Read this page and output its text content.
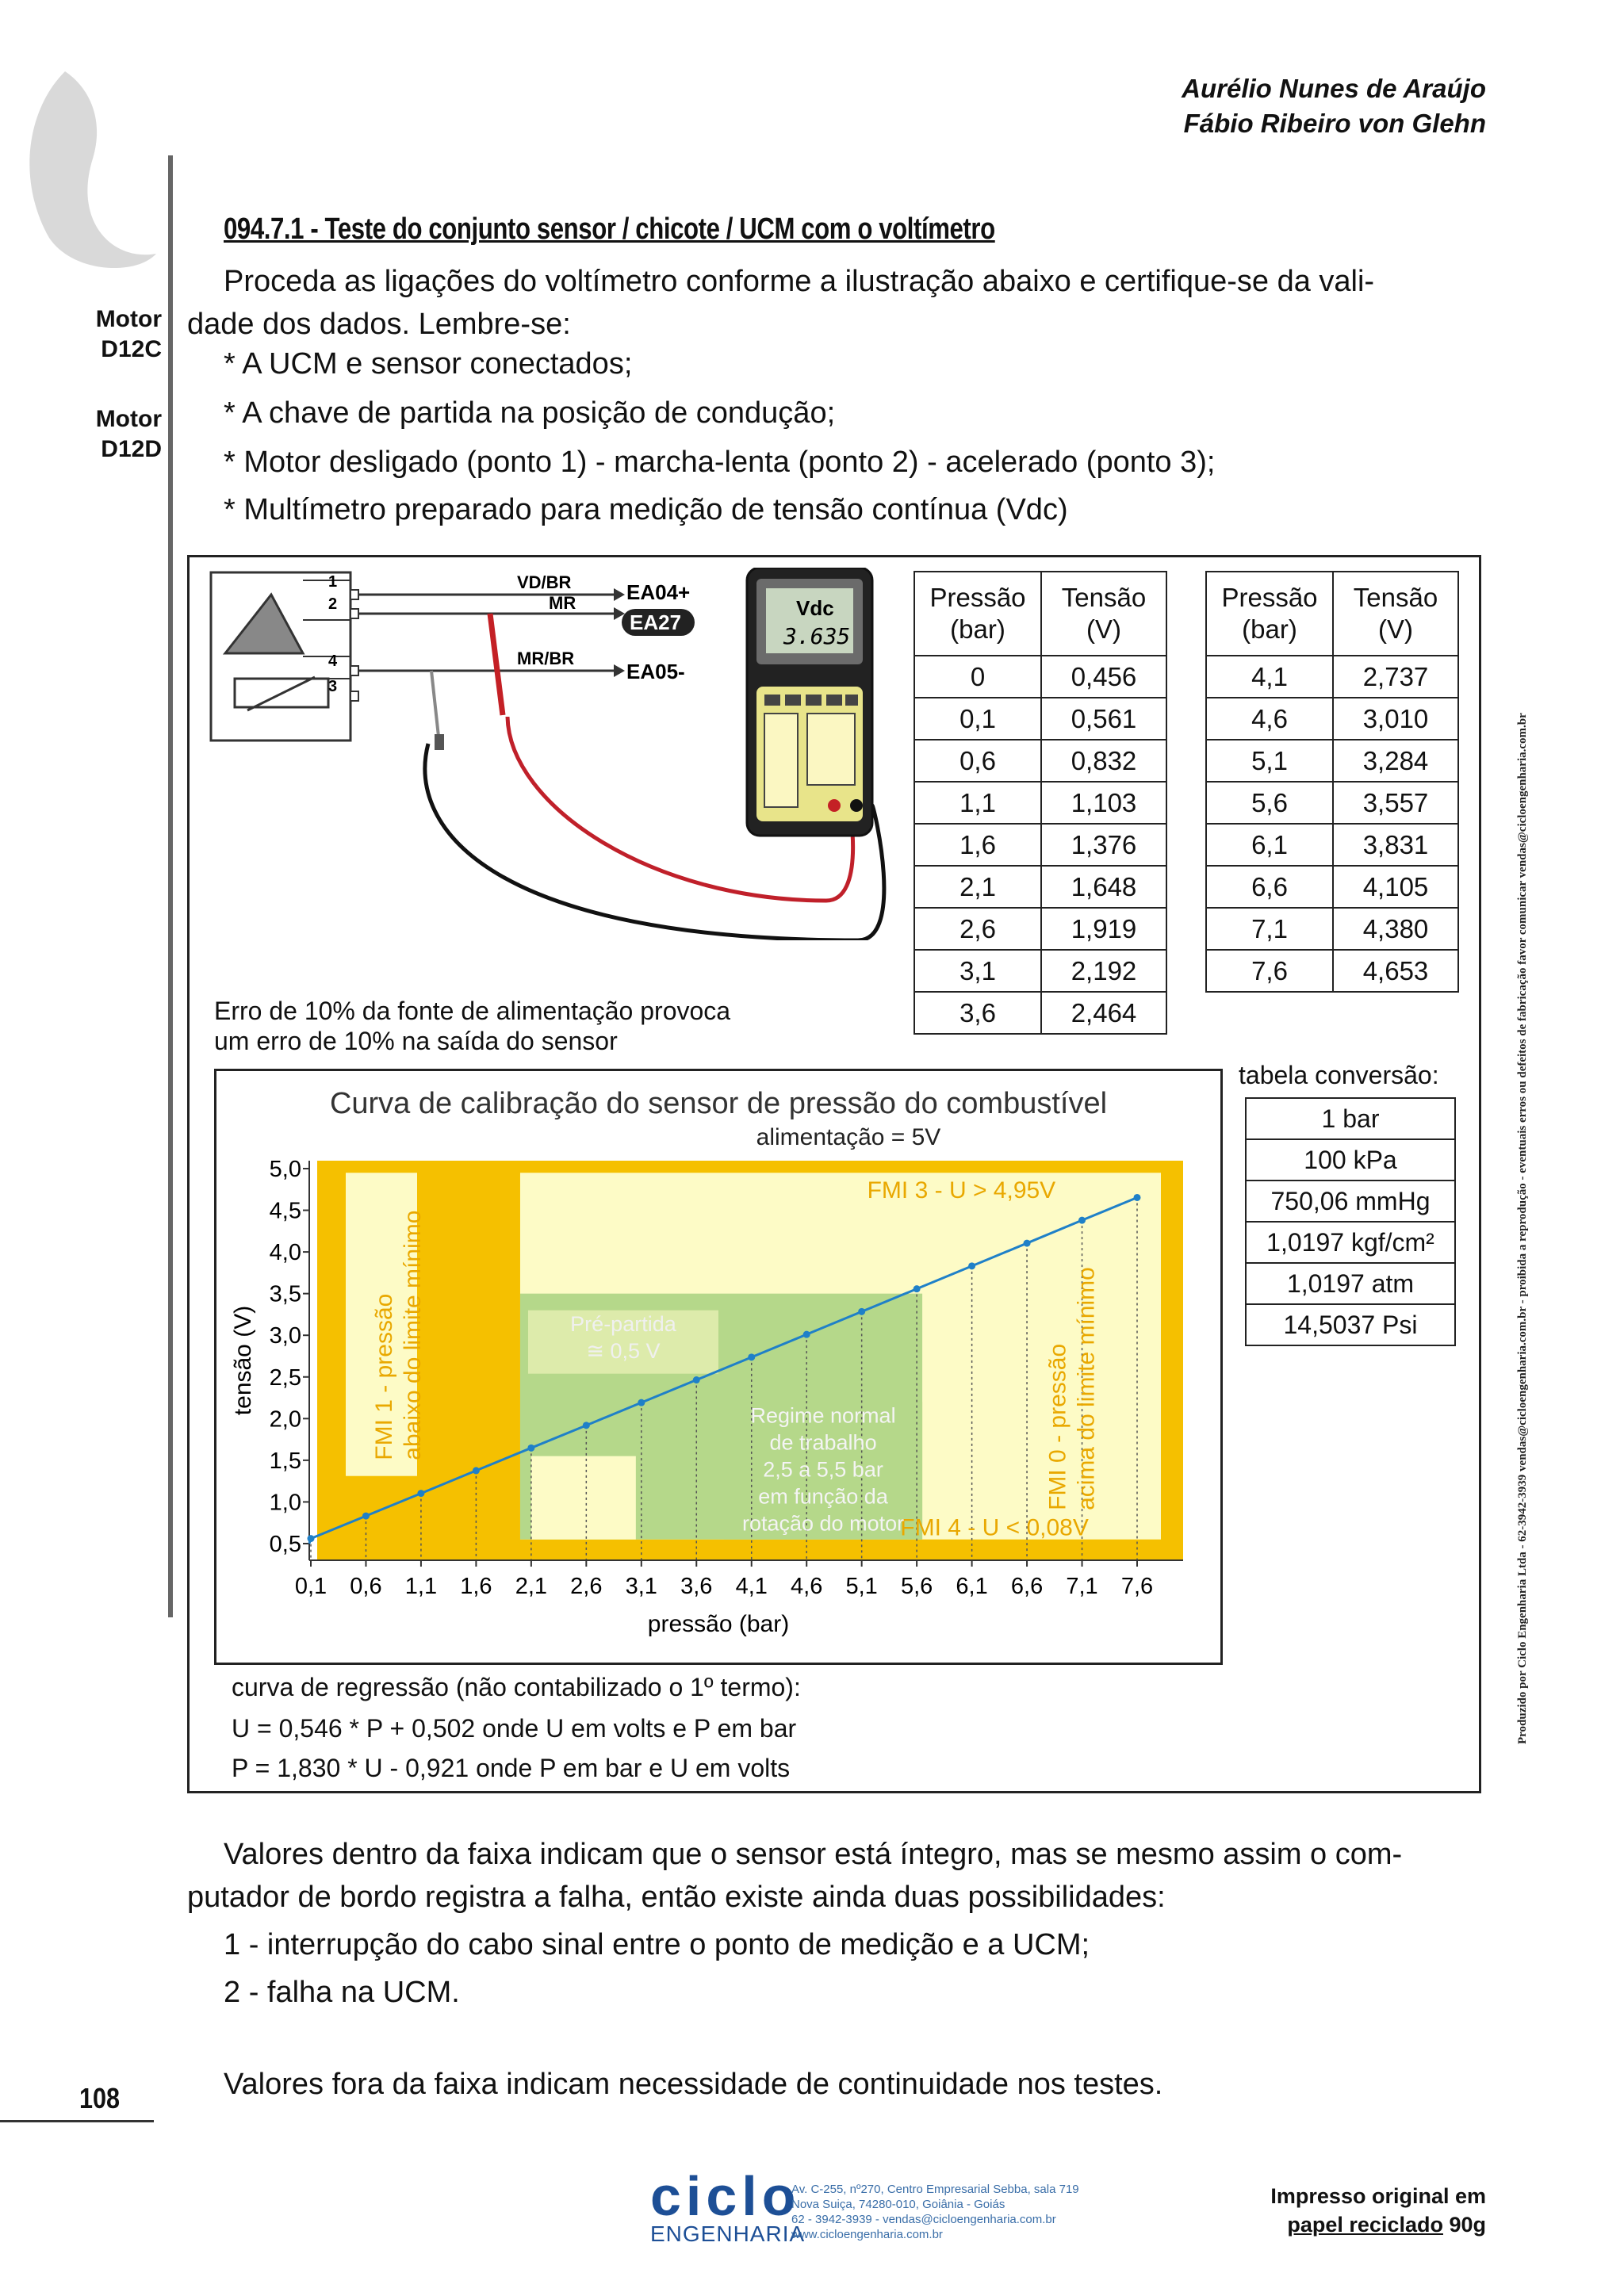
Aurélio Nunes de Araújo
Fábio Ribeiro von Glehn
Motor
D12C
Motor
D12D
094.7.1 - Teste do conjunto sensor / chicote / UCM com o voltímetro
Proceda as ligações do voltímetro conforme a ilustração abaixo e certifique-se da vali-
dade dos dados. Lembre-se:
* A UCM e sensor conectados;
* A chave de partida na posição de condução;
* Motor desligado (ponto 1) - marcha-lenta (ponto 2) - acelerado (ponto 3);
* Multímetro preparado para medição de tensão contínua (Vdc)
1
2
4
3
VD/BR
MR
MR/BR
EA04+
EA27
EA05-
Vdc
3.635
Pressão (bar)	Tensão (V)
0	0,456
0,1	0,561
0,6	0,832
1,1	1,103
1,6	1,376
2,1	1,648
2,6	1,919
3,1	2,192
3,6	2,464
Pressão (bar)	Tensão (V)
4,1	2,737
4,6	3,010
5,1	3,284
5,6	3,557
6,1	3,831
6,6	4,105
7,1	4,380
7,6	4,653
Erro de 10% da fonte de alimentação provoca
um erro de 10% na saída do sensor
tabela conversão:
1 bar
100 kPa
750,06 mmHg
1,0197 kgf/cm²
1,0197 atm
14,5037 Psi
Curva de calibração do sensor de pressão do combustível
alimentação = 5V
FMI 1 - pressão abaixo do limite mínimo	FMI 0 - pressão acima do limite mínimo
FMI 3 - U > 4,95V
FMI 4 - U < 0,08V
Pré-partida ≅ 0,5 V
Regime normal de trabalho 2,5 a 5,5 bar em função da rotação do motor
0,5
1,0
1,5
2,0
2,5
3,0
3,5
4,0
4,5
5,0
0,1 0,6 1,1 1,6 2,1 2,6 3,1 3,6 4,1 4,6 5,1 5,6 6,1 6,6 7,1 7,6
pressão (bar)
tensão (V)
curva de regressão (não contabilizado o 1º termo):
U = 0,546 * P + 0,502 onde U em volts e P em bar
P = 1,830 * U - 0,921 onde P em bar e U em volts
Valores dentro da faixa indicam que o sensor está íntegro, mas se mesmo assim o com-
putador de bordo registra a falha, então existe ainda duas possibilidades:
1 - interrupção do cabo sinal entre o ponto de medição e a UCM;
2 - falha na UCM.
Valores fora da faixa indicam necessidade de continuidade nos testes.
108
Produzido por Ciclo Engenharia Ltda - 62-3942-3939 vendas@cicloengenharia.com.br - proibida a reprodução - eventuais erros ou defeitos de fabricação favor comunicar vendas@cicloengenharia.com.br
ciclo
ENGENHARIA
Av. C-255, nº270, Centro Empresarial Sebba, sala 719
Nova Suiça, 74280-010, Goiânia - Goiás
62 - 3942-3939 - vendas@cicloengenharia.com.br
www.cicloengenharia.com.br
Impresso original em
papel reciclado 90g
